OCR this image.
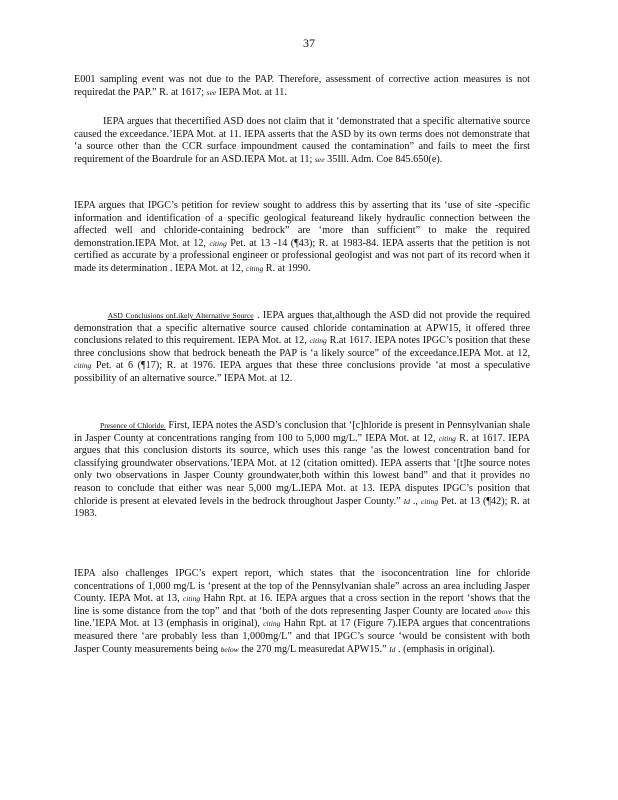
37

E001 sampling event was not due to the PAP. Therefore, assessment of corrective action measures is not requiredat the PAP.” R. at 1617; see IEPA Mot. at 11.

IEPA argues that thecertified ASD does not claim that it ‘demonstrated that a specific alternative source caused the exceedance.’IEPA Mot. at 11. IEPA asserts that the ASD by its own terms does not demonstrate that ‘a source other than the CCR surface impoundment caused the contamination” and fails to meet the first requirement of the Boardrule for an ASD.IEPA Mot. at 11; see 35Ill. Adm. Coe 845.650(e).

IEPA argues that IPGC’s petition for review sought to address this by asserting that its ‘use of site -specific information and identification of a specific geological featureand likely hydraulic connection between the affected well and chloride-containing bedrock” are ‘more than sufficient” to make the required demonstration.IEPA Mot. at 12, citing Pet. at 13 -14 (¶43); R. at 1983-84. IEPA asserts that the petition is not certified as accurate by a professional engineer or professional geologist and was not part of its record when it made its determination . IEPA Mot. at 12, citing R. at 1990.

ASD Conclusions onLikely Alternative Source . IEPA argues that,although the ASD did not provide the required demonstration that a specific alternative source caused chloride contamination at APW15, it offered three conclusions related to this requirement. IEPA Mot. at 12, citing R.at 1617. IEPA notes IPGC’s position that these three conclusions show that bedrock beneath the PAP is ‘a likely source” of the exceedance.IEPA Mot. at 12, citing Pet. at 6 (¶17); R. at 1976. IEPA argues that these three conclusions provide ‘at most a speculative possibility of an alternative source.” IEPA Mot. at 12.

Presence of Chloride. First, IEPA notes the ASD’s conclusion that ‘[c]hloride is present in Pennsylvanian shale in Jasper County at concentrations ranging from 100 to 5,000 mg/L.” IEPA Mot. at 12, citing R. at 1617. IEPA argues that this conclusion distorts its source, which uses this range ‘as the lowest concentration band for classifying groundwater observations.’IEPA Mot. at 12 (citation omitted). IEPA asserts that ‘[t]he source notes only two observations in Jasper County groundwater,both within this lowest band” and that it provides no reason to conclude that either was near 5,000 mg/L.IEPA Mot. at 13. IEPA disputes IPGC’s position that chloride is present at elevated levels in the bedrock throughout Jasper County.” Id ., citing Pet. at 13 (¶42); R. at 1983.

IEPA also challenges IPGC’s expert report, which states that the isoconcentration line for chloride concentrations of 1,000 mg/L is ‘present at the top of the Pennsylvanian shale” across an area including Jasper County. IEPA Mot. at 13, citing Hahn Rpt. at 16. IEPA argues that a cross section in the report ‘shows that the line is some distance from the top” and that ‘both of the dots representing Jasper County are located above this line.’IEPA Mot. at 13 (emphasis in original), citing Hahn Rpt. at 17 (Figure 7).IEPA argues that concentrations measured there ‘are probably less than 1,000mg/L” and that IPGC’s source ‘would be consistent with both Jasper County measurements being below the 270 mg/L measuredat APW15.” Id . (emphasis in original).
